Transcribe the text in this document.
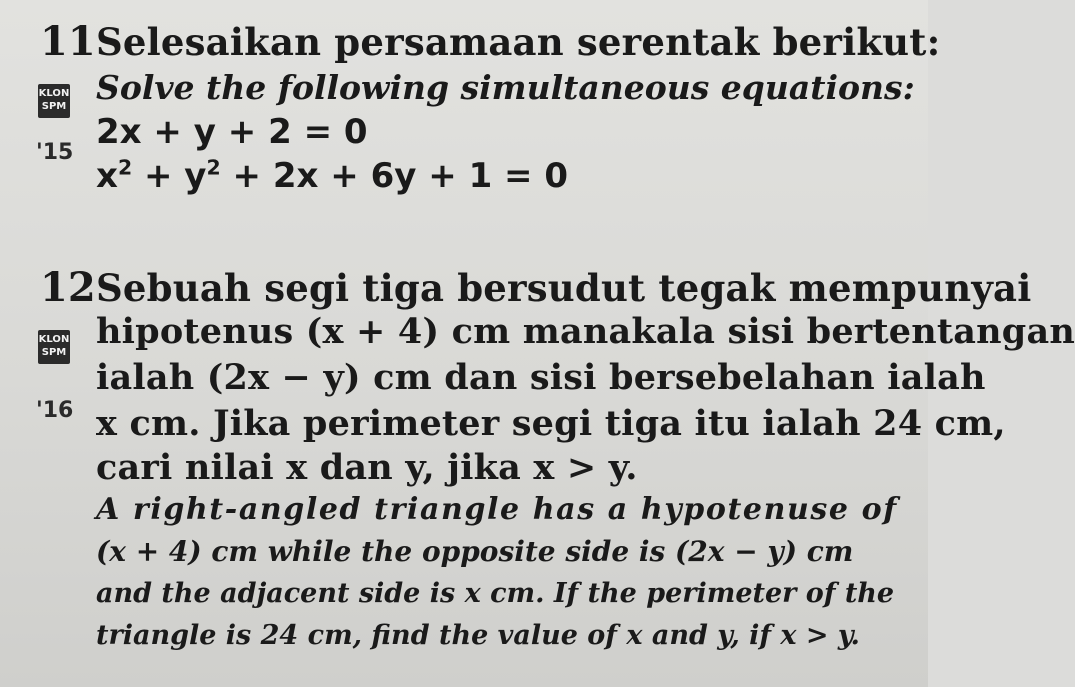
11 Selesaikan persamaan serentak berikut:
KLON SPM Solve the following simultaneous equations:
2x + y + 2 = 0
'15
$x^2 + y^2 + 2x + 6y + 1 = 0$
12 Sebuah segi tiga bersudut tegak mempunyai
KLON SPM
hipotenus (x + 4) cm manakala sisi bertentangan
ialah (2x − y) cm dan sisi bersebelahan ialah
'16 x cm. Jika perimeter segi tiga itu ialah 24 cm,
cari nilai x dan y, jika x > y.
A right-angled triangle has a hypotenuse of
(x + 4) cm while the opposite side is (2x − y) cm
and the adjacent side is x cm. If the perimeter of the
triangle is 24 cm, find the value of x and y, if x > y.
